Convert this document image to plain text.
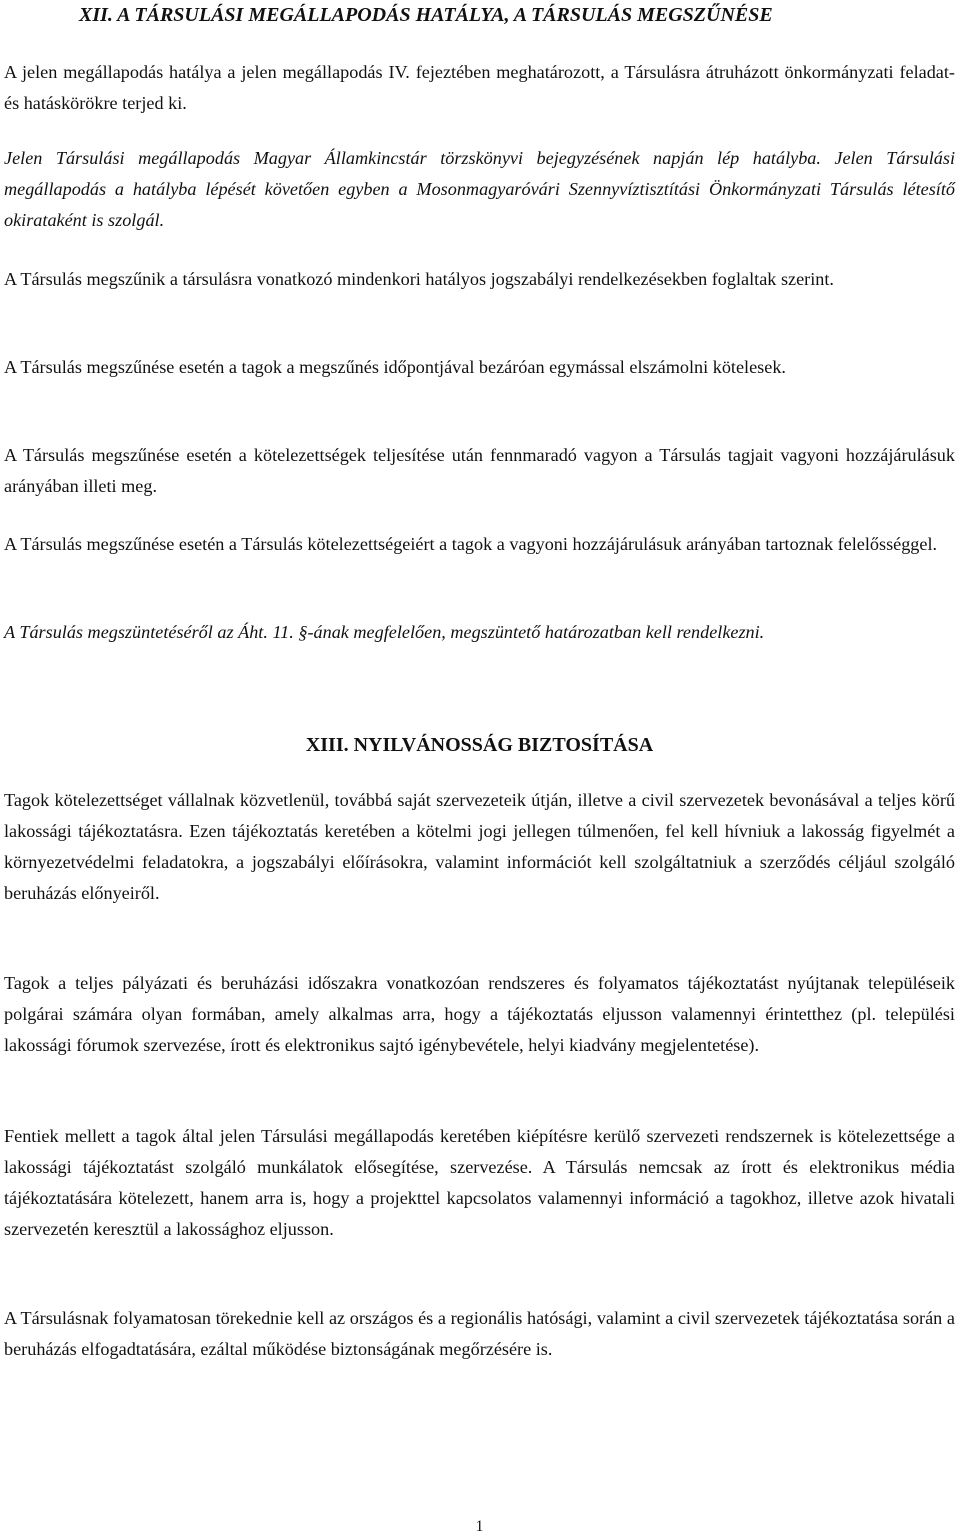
XII. A TÁRSULÁSI MEGÁLLAPODÁS HATÁLYA, A TÁRSULÁS MEGSZŰNÉSE
A jelen megállapodás hatálya a jelen megállapodás IV. fejeztében meghatározott, a Társulásra átruházott önkormányzati feladat- és hatáskörökre terjed ki.
Jelen Társulási megállapodás Magyar Államkincstár törzskönyvi bejegyzésének napján lép hatályba. Jelen Társulási megállapodás a hatályba lépését követően egyben a Mosonmagyaróvári Szennyvíztisztítási Önkormányzati Társulás létesítő okirataként is szolgál.
A Társulás megszűnik a társulásra vonatkozó mindenkori hatályos jogszabályi rendelkezésekben foglaltak szerint.
A Társulás megszűnése esetén a tagok a megszűnés időpontjával bezáróan egymással elszámolni kötelesek.
A Társulás megszűnése esetén a kötelezettségek teljesítése után fennmaradó vagyon a Társulás tagjait vagyoni hozzájárulásuk arányában illeti meg.
A Társulás megszűnése esetén a Társulás kötelezettségeiért a tagok a vagyoni hozzájárulásuk arányában tartoznak felelősséggel.
A Társulás megszüntetéséről az Áht. 11. §-ának megfelelően, megszüntető határozatban kell rendelkezni.
XIII. NYILVÁNOSSÁG BIZTOSÍTÁSA
Tagok kötelezettséget vállalnak közvetlenül, továbbá saját szervezeteik útján, illetve a civil szervezetek bevonásával a teljes körű lakossági tájékoztatásra. Ezen tájékoztatás keretében a kötelmi jogi jellegen túlmenően, fel kell hívniuk a lakosság figyelmét a környezetvédelmi feladatokra, a jogszabályi előírásokra, valamint információt kell szolgáltatniuk a szerződés céljául szolgáló beruházás előnyeiről.
Tagok a teljes pályázati és beruházási időszakra vonatkozóan rendszeres és folyamatos tájékoztatást nyújtanak településeik polgárai számára olyan formában, amely alkalmas arra, hogy a tájékoztatás eljusson valamennyi érintetthez (pl. települési lakossági fórumok szervezése, írott és elektronikus sajtó igénybevétele, helyi kiadvány megjelentetése).
Fentiek mellett a tagok által jelen Társulási megállapodás keretében kiépítésre kerülő szervezeti rendszernek is kötelezettsége a lakossági tájékoztatást szolgáló munkálatok elősegítése, szervezése. A Társulás nemcsak az írott és elektronikus média tájékoztatására kötelezett, hanem arra is, hogy a projekttel kapcsolatos valamennyi információ a tagokhoz, illetve azok hivatali szervezetén keresztül a lakossághoz eljusson.
A Társulásnak folyamatosan törekednie kell az országos és a regionális hatósági, valamint a civil szervezetek tájékoztatása során a beruházás elfogadtatására, ezáltal működése biztonságának megőrzésére is.
1
